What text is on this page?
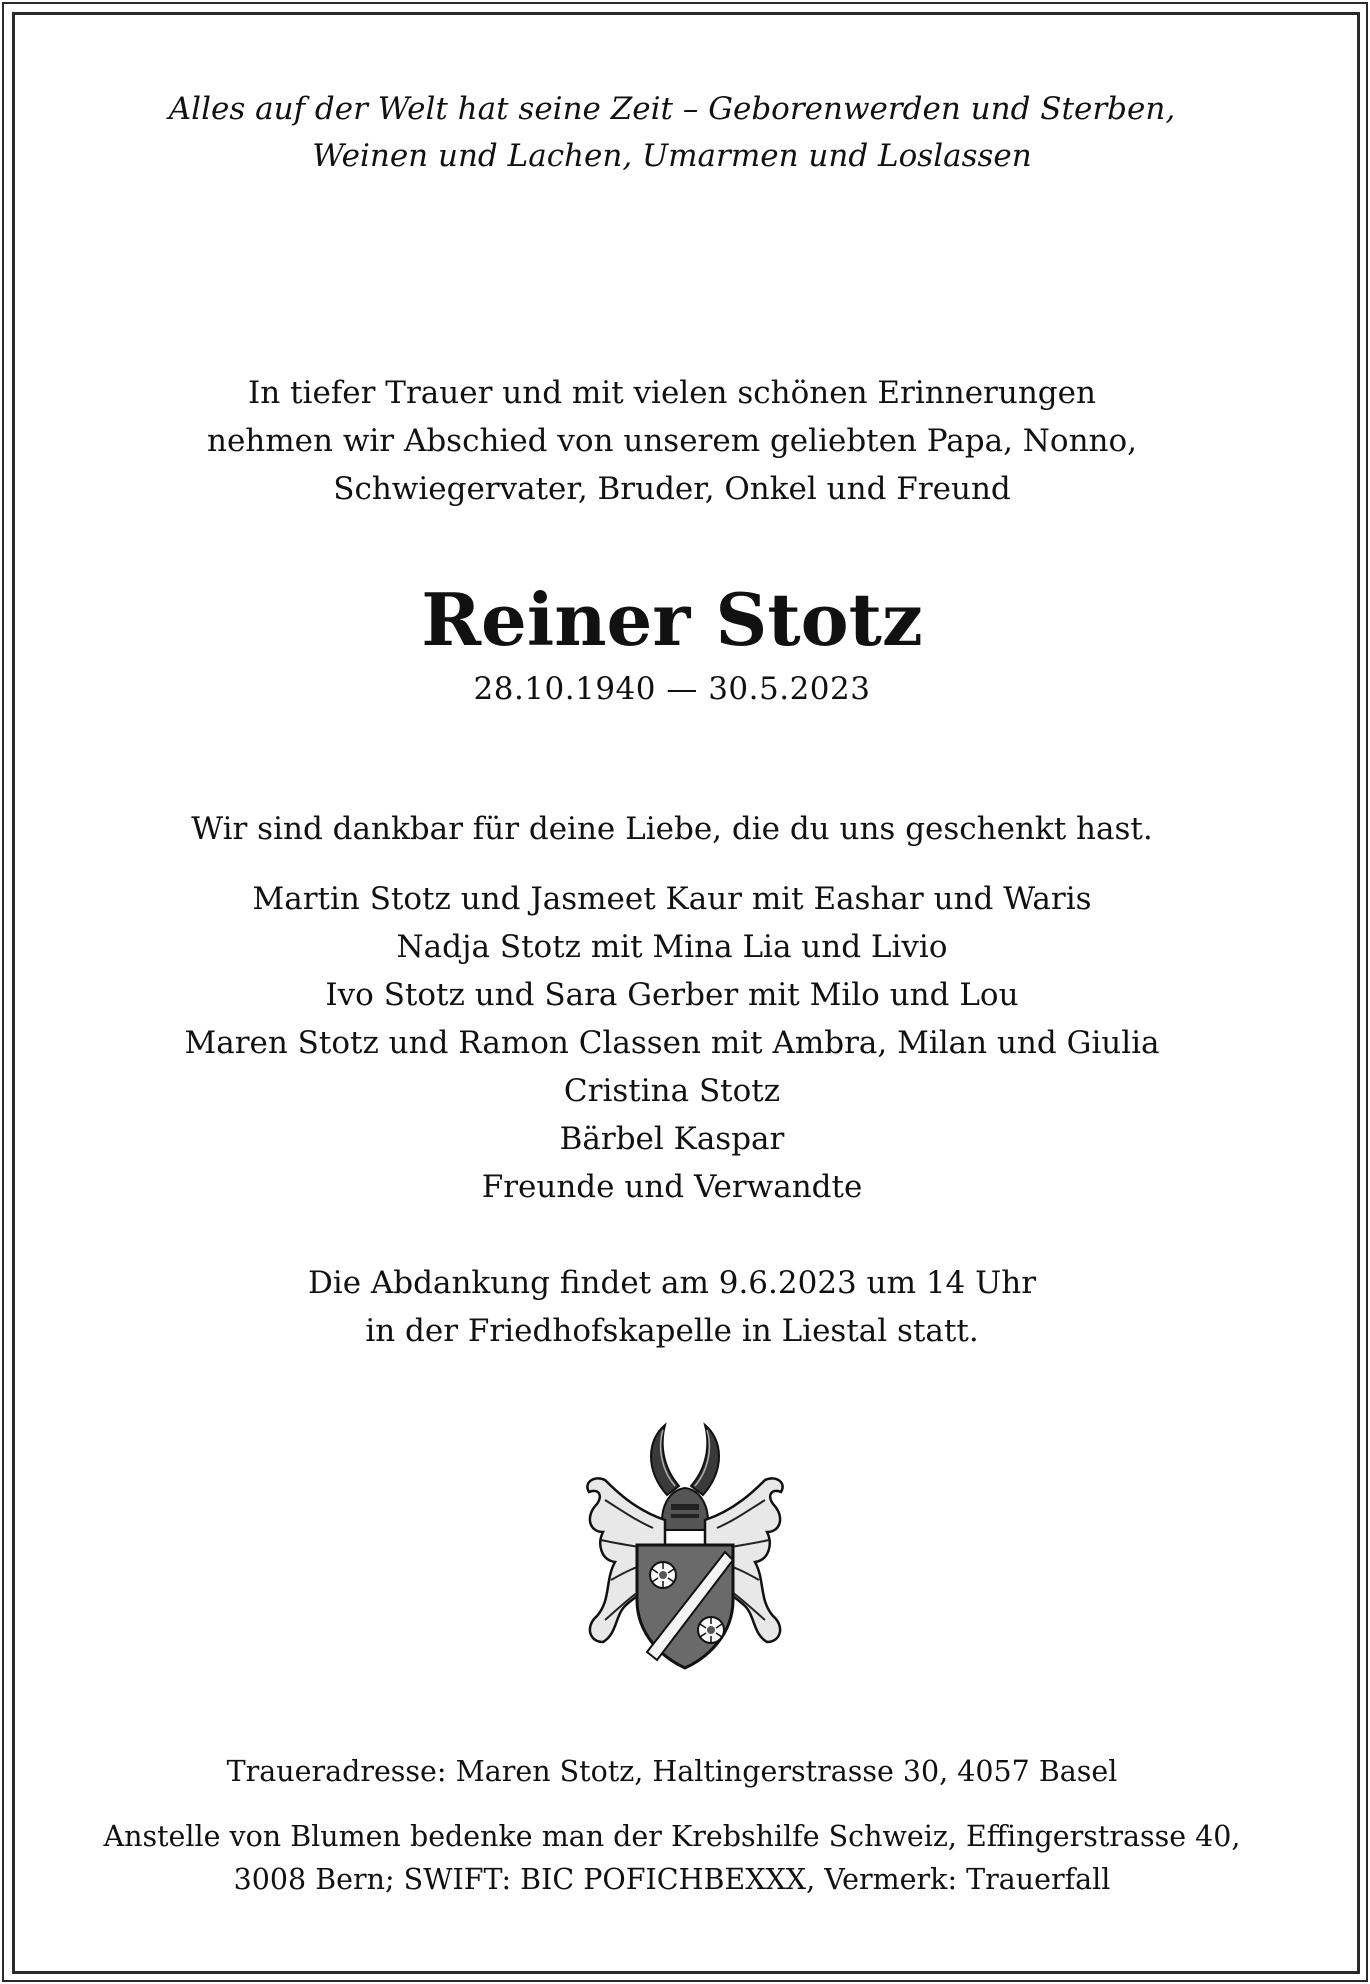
Alles auf der Welt hat seine Zeit – Geborenwerden und Sterben,
Weinen und Lachen, Umarmen und Loslassen
In tiefer Trauer und mit vielen schönen Erinnerungen
nehmen wir Abschied von unserem geliebten Papa, Nonno,
Schwiegervater, Bruder, Onkel und Freund
Reiner Stotz
28.10.1940 — 30.5.2023
Wir sind dankbar für deine Liebe, die du uns geschenkt hast.
Martin Stotz und Jasmeet Kaur mit Eashar und Waris
Nadja Stotz mit Mina Lia und Livio
Ivo Stotz und Sara Gerber mit Milo und Lou
Maren Stotz und Ramon Classen mit Ambra, Milan und Giulia
Cristina Stotz
Bärbel Kaspar
Freunde und Verwandte
Die Abdankung findet am 9.6.2023 um 14 Uhr
in der Friedhofskapelle in Liestal statt.
Traueradresse: Maren Stotz, Haltingerstrasse 30, 4057 Basel
Anstelle von Blumen bedenke man der Krebshilfe Schweiz, Effingerstrasse 40,
3008 Bern; SWIFT: BIC POFICHBEXXX, Vermerk: Trauerfall
